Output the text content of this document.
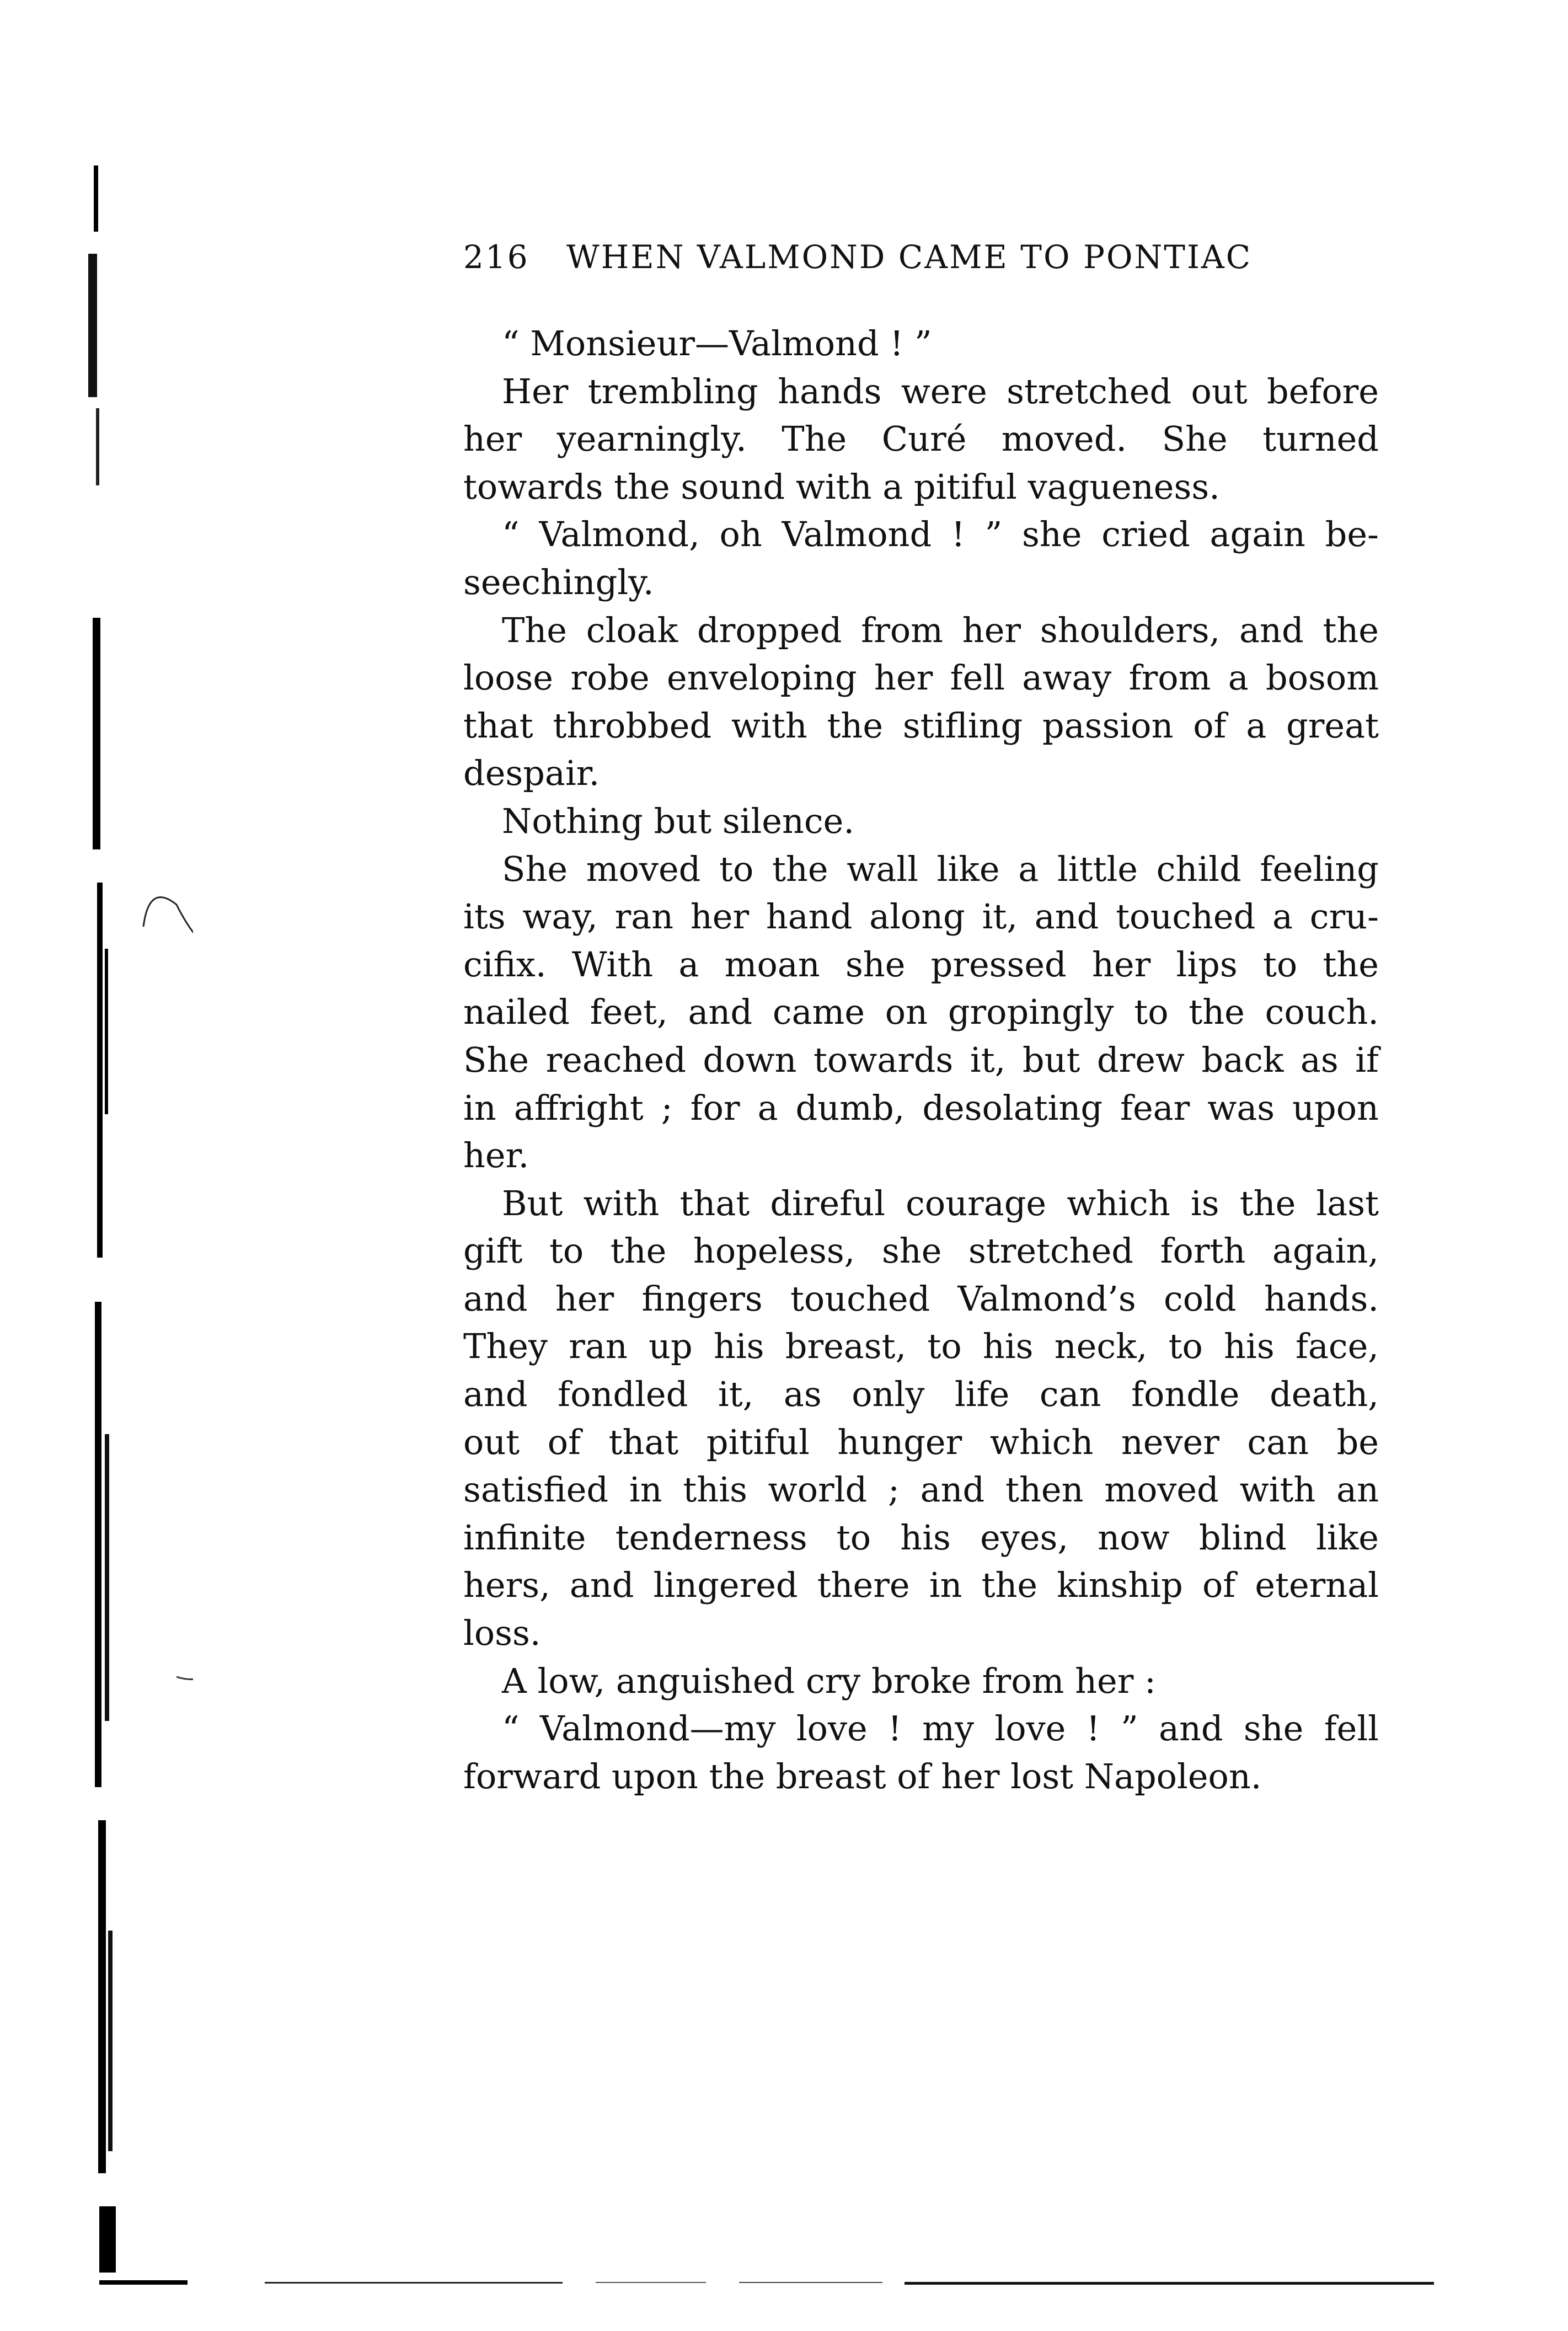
216 WHEN VALMOND CAME TO PONTIAC
“ Monsieur—Valmond ! ”
Her trembling hands were stretched out before
her yearningly. The Curé moved. She turned
towards the sound with a pitiful vagueness.
“ Valmond, oh Valmond ! ” she cried again be-
seechingly.
The cloak dropped from her shoulders, and the
loose robe enveloping her fell away from a bosom
that throbbed with the stifling passion of a great
despair.
Nothing but silence.
She moved to the wall like a little child feeling
its way, ran her hand along it, and touched a cru-
cifix. With a moan she pressed her lips to the
nailed feet, and came on gropingly to the couch.
She reached down towards it, but drew back as if
in affright ; for a dumb, desolating fear was upon
her.
But with that direful courage which is the last
gift to the hopeless, she stretched forth again,
and her fingers touched Valmond’s cold hands.
They ran up his breast, to his neck, to his face,
and fondled it, as only life can fondle death,
out of that pitiful hunger which never can be
satisfied in this world ; and then moved with an
infinite tenderness to his eyes, now blind like
hers, and lingered there in the kinship of eternal
loss.
A low, anguished cry broke from her :
“ Valmond—my love ! my love ! ” and she fell
forward upon the breast of her lost Napoleon.
